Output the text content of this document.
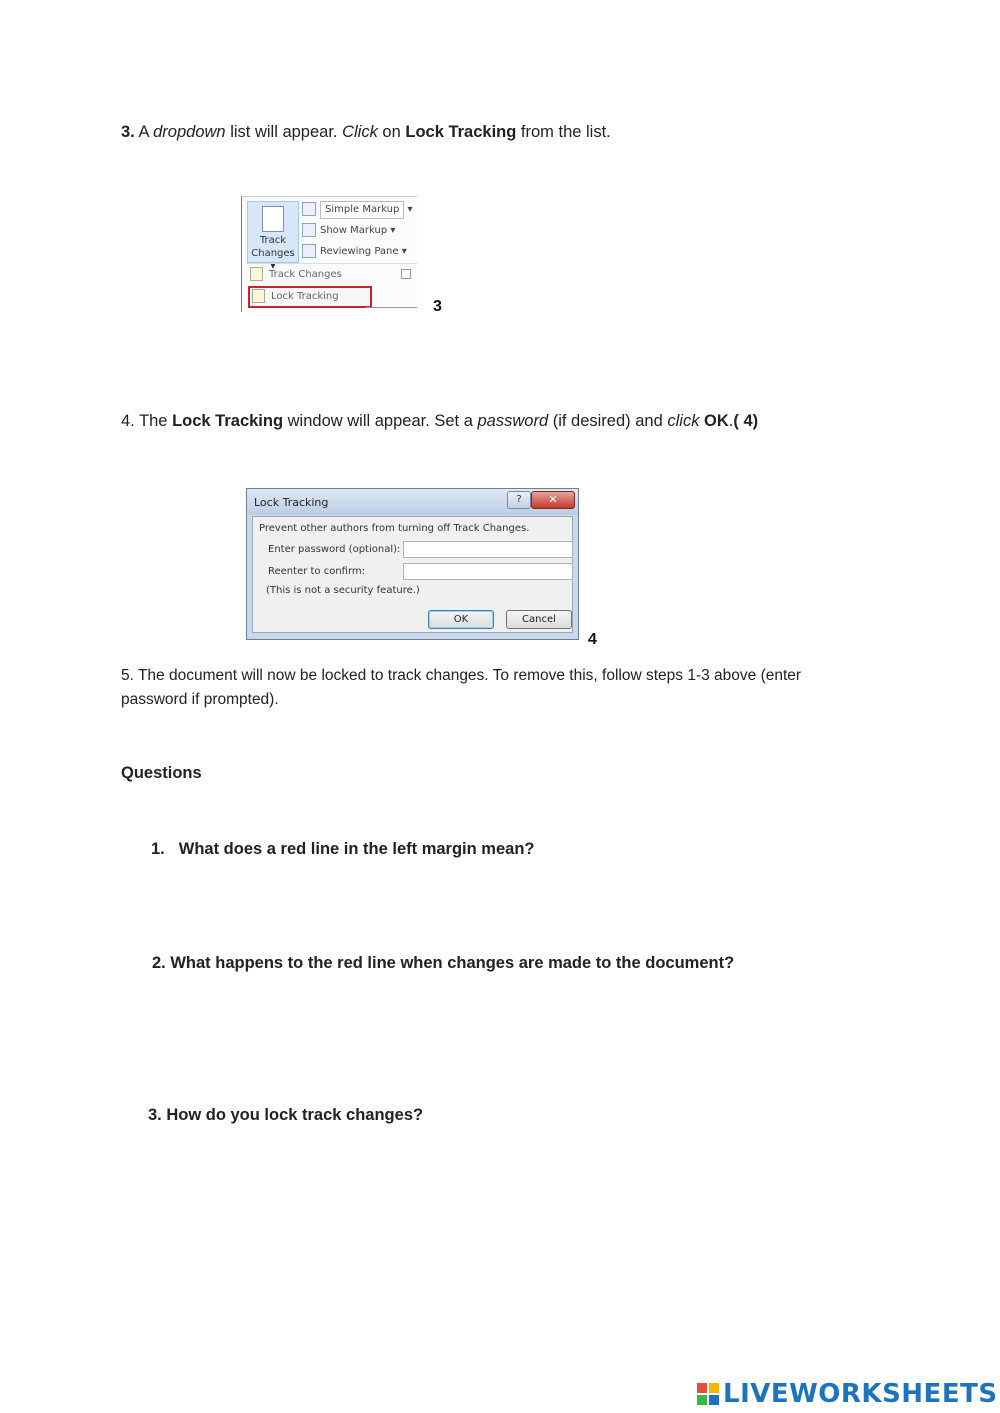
3. A dropdown list will appear. Click on Lock Tracking from the list.
Track
Changes ▾
Simple Markup ▾
Show Markup ▾
Reviewing Pane ▾
Track Changes
Lock Tracking
3
4. The Lock Tracking window will appear. Set a password (if desired) and click OK.( 4)
Lock Tracking	?	✕
Prevent other authors from turning off Track Changes.
Enter password (optional):
Reenter to confirm:
(This is not a security feature.)
OK	Cancel
4
5. The document will now be locked to track changes. To remove this, follow steps 1-3 above (enter
password if prompted).
Questions
1. What does a red line in the left margin mean?
2. What happens to the red line when changes are made to the document?
3. How do you lock track changes?
LIVEWORKSHEETS
